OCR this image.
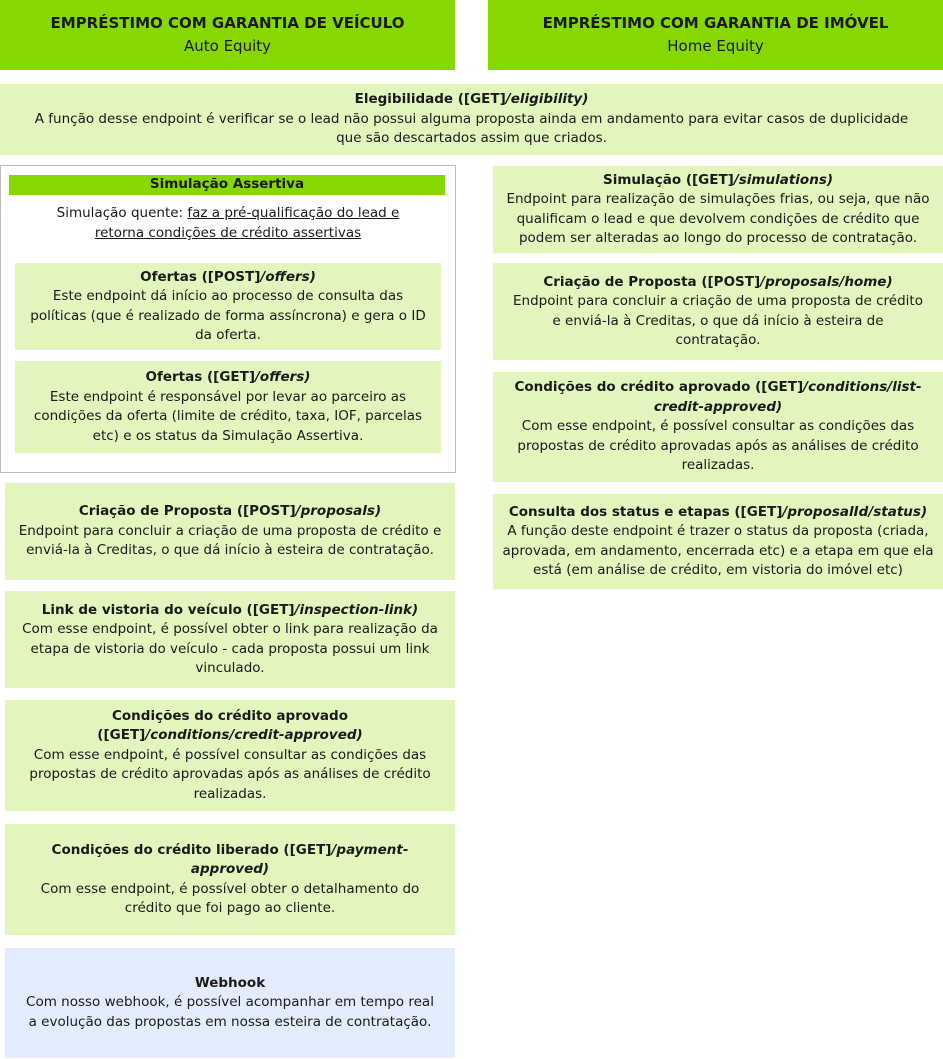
EMPRÉSTIMO COM GARANTIA DE VEÍCULO
Auto Equity
EMPRÉSTIMO COM GARANTIA DE IMÓVEL
Home Equity
Elegibilidade ([GET]/eligibility)
A função desse endpoint é verificar se o lead não possui alguma proposta ainda em andamento para evitar casos de duplicidade que são descartados assim que criados.
Simulação Assertiva
Simulação quente: faz a pré-qualificação do lead e retorna condições de crédito assertivas
Ofertas ([POST]/offers)
Este endpoint dá início ao processo de consulta das políticas (que é realizado de forma assíncrona) e gera o ID da oferta.
Ofertas ([GET]/offers)
Este endpoint é responsável por levar ao parceiro as condições da oferta (limite de crédito, taxa, IOF, parcelas etc) e os status da Simulação Assertiva.
Criação de Proposta ([POST]/proposals)
Endpoint para concluir a criação de uma proposta de crédito e enviá-la à Creditas, o que dá início à esteira de contratação.
Link de vistoria do veículo ([GET]/inspection-link)
Com esse endpoint, é possível obter o link para realização da etapa de vistoria do veículo - cada proposta possui um link vinculado.
Condições do crédito aprovado ([GET]/conditions/credit-approved)
Com esse endpoint, é possível consultar as condições das propostas de crédito aprovadas após as análises de crédito realizadas.
Condições do crédito liberado ([GET]/payment-approved)
Com esse endpoint, é possível obter o detalhamento do crédito que foi pago ao cliente.
Webhook
Com nosso webhook, é possível acompanhar em tempo real a evolução das propostas em nossa esteira de contratação.
Simulação ([GET]/simulations)
Endpoint para realização de simulações frias, ou seja, que não qualificam o lead e que devolvem condições de crédito que podem ser alteradas ao longo do processo de contratação.
Criação de Proposta ([POST]/proposals/home)
Endpoint para concluir a criação de uma proposta de crédito e enviá-la à Creditas, o que dá início à esteira de contratação.
Condições do crédito aprovado ([GET]/conditions/list-credit-approved)
Com esse endpoint, é possível consultar as condições das propostas de crédito aprovadas após as análises de crédito realizadas.
Consulta dos status e etapas ([GET]/proposalId/status)
A função deste endpoint é trazer o status da proposta (criada, aprovada, em andamento, encerrada etc) e a etapa em que ela está (em análise de crédito, em vistoria do imóvel etc)
